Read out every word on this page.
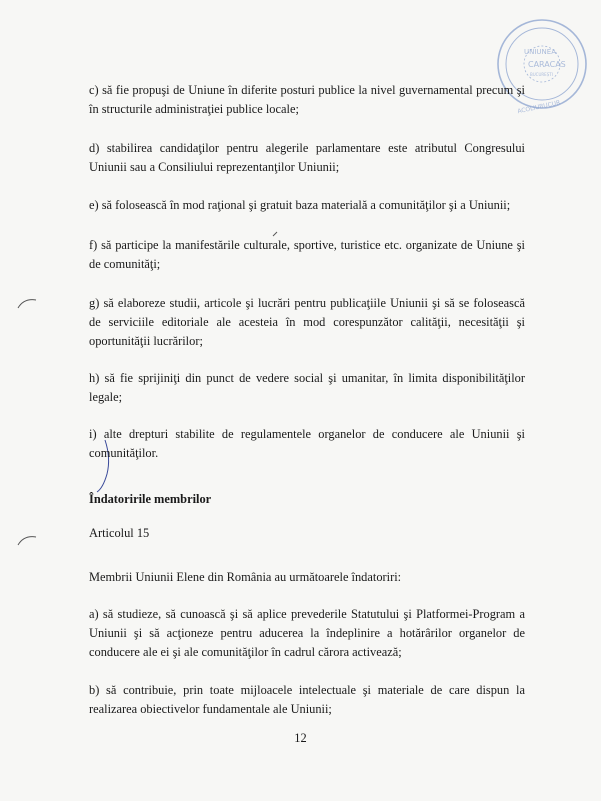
UNIUNEA
CARACAS
BUCUREȘTI
ACOLIUBUCUR

c) să fie propuşi de Uniune în diferite posturi publice la nivel guvernamental precum şi în structurile administraţiei publice locale;

d) stabilirea candidaţilor pentru alegerile parlamentare este atributul Congresului Uniunii sau a Consiliului reprezentanţilor Uniunii;

e) să folosească în mod raţional şi gratuit baza materială a comunităţilor şi a Uniunii;

f) să participe la manifestările culturale, sportive, turistice etc. organizate de Uniune şi de comunităţi;

g) să elaboreze studii, articole şi lucrări pentru publicaţiile Uniunii şi să se folosească de serviciile editoriale ale acesteia în mod corespunzător calităţii, necesităţii şi oportunităţii lucrărilor;

h) să fie sprijiniţi din punct de vedere social şi umanitar, în limita disponibilităţilor legale;

i) alte drepturi stabilite de regulamentele organelor de conducere ale Uniunii şi comunităţilor.

Îndatoririle membrilor

Articolul 15

Membrii Uniunii Elene din România au următoarele îndatoriri:

a) să studieze, să cunoască şi să aplice prevederile Statutului şi Platformei-Program a Uniunii şi să acţioneze pentru aducerea la îndeplinire a hotărârilor organelor de conducere ale ei şi ale comunităţilor în cadrul cărora activează;

b) să contribuie, prin toate mijloacele intelectuale şi materiale de care dispun la realizarea obiectivelor fundamentale ale Uniunii;

12
